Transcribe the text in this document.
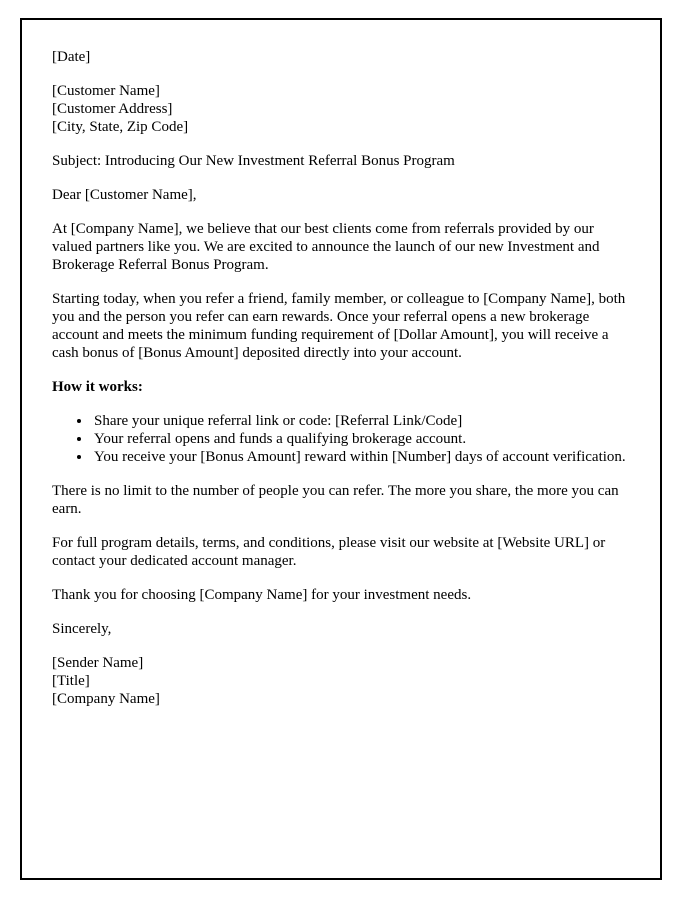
[Date]

[Customer Name]

[Customer Address]

[City, State, Zip Code]

Subject: Introducing Our New Investment Referral Bonus Program

Dear [Customer Name],

At [Company Name], we believe that our best clients come from referrals provided by our valued partners like you. We are excited to announce the launch of our new Investment and Brokerage Referral Bonus Program.

Starting today, when you refer a friend, family member, or colleague to [Company Name], both you and the person you refer can earn rewards. Once your referral opens a new brokerage account and meets the minimum funding requirement of [Dollar Amount], you will receive a cash bonus of [Bonus Amount] deposited directly into your account.

How it works:

• Share your unique referral link or code: [Referral Link/Code]
• Your referral opens and funds a qualifying brokerage account.
• You receive your [Bonus Amount] reward within [Number] days of account verification.

There is no limit to the number of people you can refer. The more you share, the more you can earn.

For full program details, terms, and conditions, please visit our website at [Website URL] or contact your dedicated account manager.

Thank you for choosing [Company Name] for your investment needs.

Sincerely,

[Sender Name]

[Title]

[Company Name]
